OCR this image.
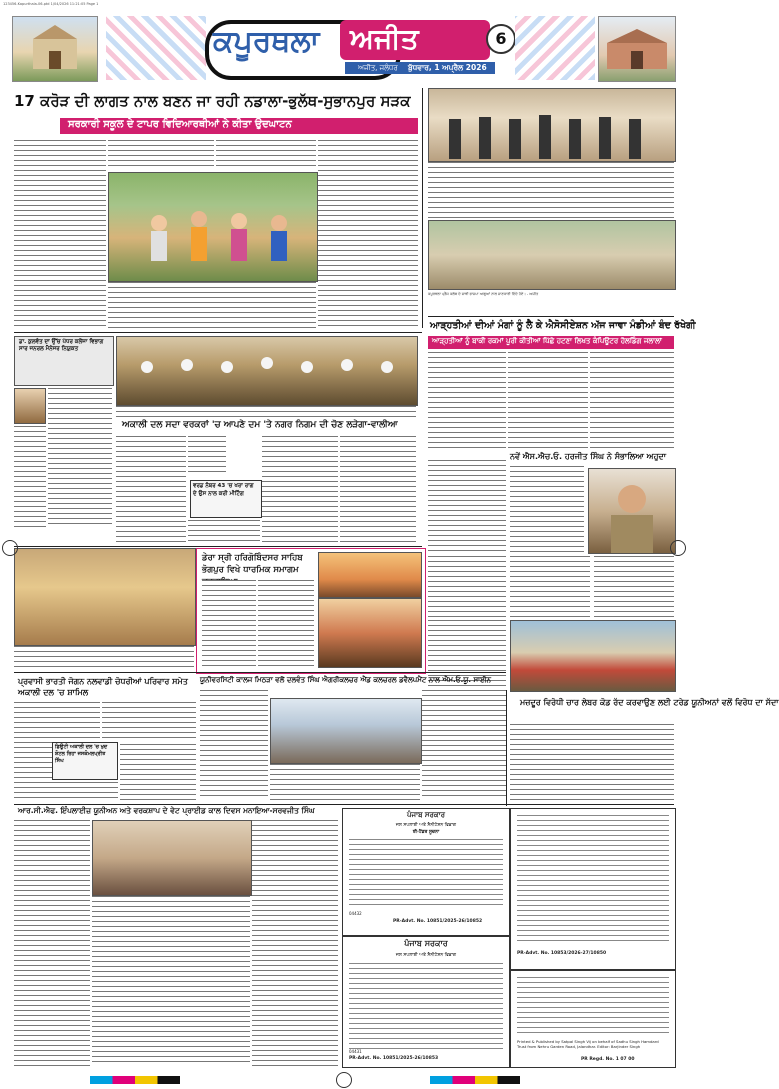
123456-Kapurthala-06-ptd 1/04/2026 11:21:05 Page 1
ਕਪੂਰਥਲਾ ਅਜੀਤ	6
ਅਜੀਤ, ਜਲੰਧਰ ਬੁੱਧਵਾਰ, 1 ਅਪ੍ਰੈਲ 2026
17 ਕਰੋੜ ਦੀ ਲਾਗਤ ਨਾਲ ਬਣਨ ਜਾ ਰਹੀ ਨਡਾਲਾ-ਭੁਲੱਥ-ਸੁਭਾਨਪੁਰ ਸੜਕ
ਸਰਕਾਰੀ ਸਕੂਲ ਦੇ ਟਾਪਰ ਵਿਦਿਆਰਥੀਆਂ ਨੇ ਕੀਤਾ ਉਦਘਾਟਨ
ਕਪੂਰਥਲਾ ਪ੍ਰੈਸ ਕਲੱਬ ਦੇ ਸਾਥੀ ਭਾਜਪਾ ਆਗੂਆਂ ਨਾਲ ਜਾਣਕਾਰੀ ਦਿੰਦੇ ਹੋਏ। - ਅਜੀਤ
ਆੜ੍ਹਤੀਆਂ ਦੀਆਂ ਮੰਗਾਂ ਨੂੰ ਲੈ ਕੇ ਐਸੋਸੀਏਸ਼ਨ ਅੱਜ ਜਾਵਾ ਮੰਡੀਆਂ ਬੰਦ ਰੱਖੇਗੀ
ਆੜ੍ਹਤੀਆਂ ਨੂੰ ਬਾਕੀ ਰਕਮਾਂ ਪੂਰੀ ਕੀਤੀਆਂ ਪਿੱਛੇ ਹਟਣਾ ਲਿਖਤ ਕੰਪਿਊਟਰ ਹੋਲਡਿੰਗ ਜਲਾਲਾਂ
ਨਵੇਂ ਐਸ.ਐਚ.ਓ. ਹਰਜੀਤ ਸਿੰਘ ਨੇ ਸੰਭਾਲਿਆ ਅਹੁਦਾ
ਮਜ਼ਦੂਰ ਵਿਰੋਧੀ ਚਾਰ ਲੇਬਰ ਕੋਡ ਰੱਦ ਕਰਵਾਉਣ ਲਈ ਟਰੇਡ ਯੂਨੀਅਨਾਂ ਵਲੋਂ ਵਿਰੋਧ ਦਾ ਸੱਦਾ
ਡਾ. ਕੁਲਵੰਤ ਦਾ ਉੱਚ ਪੱਧਰ ਕਲੋਂਜਾ ਵਿਭਾਗ ਸਾਰ ਜਨਰਲ ਮੈਨੇਜਰ ਨਿਯੁਕਤ
ਅਕਾਲੀ ਦਲ ਸਦਾ ਵਰਕਰਾਂ 'ਚ ਆਪਣੇ ਦਮ 'ਤੇ ਨਗਰ ਨਿਗਮ ਦੀ ਚੋਣ ਲੜੇਗਾ-ਵਾਲੀਆ
ਵਰਡ ਨੰਬਰ 43 'ਚ ਖਰਾ ਰਾਗ ਦੇ ਉਸ ਨਾਲ ਕਰੀ ਮੀਟਿੰਗ
ਡੇਰਾ ਸ੍ਰੀ ਹਰਿਗੋਬਿੰਦਸਰ ਸਾਹਿਬ ਭੋਗਪੁਰ ਵਿਖੇ ਧਾਰਮਿਕ ਸਮਾਗਮ
ਪ੍ਰਵਾਸੀ ਭਾਰਤੀ ਜੋਗਨ ਨਲਵਾਡੀ ਚੋਧਰੀਆਂ ਪਰਿਵਾਰ ਸਮੇਤ ਅਕਾਲੀ ਦਲ 'ਚ ਸ਼ਾਮਿਲ
ਡਿਊਟੀ ਅਕਾਲੀ ਦਲ 'ਚ ਖੁਦ ਸ਼ੋਟਲ ਰਿਹਾ ਜਸਕੋਮਲਪ੍ਰੀਤ ਸਿੰਘ
ਯੂਨੀਵਰਸਿਟੀ ਕਾਲਜ ਮਿਠੜਾ ਵਲੋਂ ਦਲਵੰਤ ਸਿੰਘ ਐਗਰੀਕਲਚਰ ਐਂਡ ਕਲਚਰਲ ਡਵੈਲਪਮੈਂਟ ਨਾਲ ਐਮ.ਓ.ਯੂ. ਸਾਈਨ
ਆਰ.ਸੀ.ਐਫ. ਇੰਪਲਾਈਜ਼ ਯੂਨੀਅਨ ਅਤੇ ਵਰਕਸ਼ਾਪ ਦੇ ਵੇਟ ਪ੍ਰਾਈਡ ਕਾਲ ਦਿਵਸ ਮਨਾਇਆ-ਸਰਵਜੀਤ ਸਿੰਘ	ਪੰਜਾਬ ਸਰਕਾਰ
ਜਲ ਸਪਲਾਈ ਅਤੇ ਸੈਨੀਟੇਸ਼ਨ ਵਿਭਾਗ
ਈ-ਟੈਂਡਰ ਸੂਚਨਾ
04432
PR-Advt. No. 10851/2025-26/10852
ਪੰਜਾਬ ਸਰਕਾਰ
ਜਲ ਸਪਲਾਈ ਅਤੇ ਸੈਨੀਟੇਸ਼ਨ ਵਿਭਾਗ
04431
PR-Advt. No. 10851/2025-26/10853
PR-Advt. No. 10853/2026-27/10850
Printed & Published by Satpal Singh Vij on behalf of Sadhu Singh Hamdard Trust from Nehru Garden Road, Jalandhar. Editor: Barjinder Singh
PR Regd. No. 1 07 00
